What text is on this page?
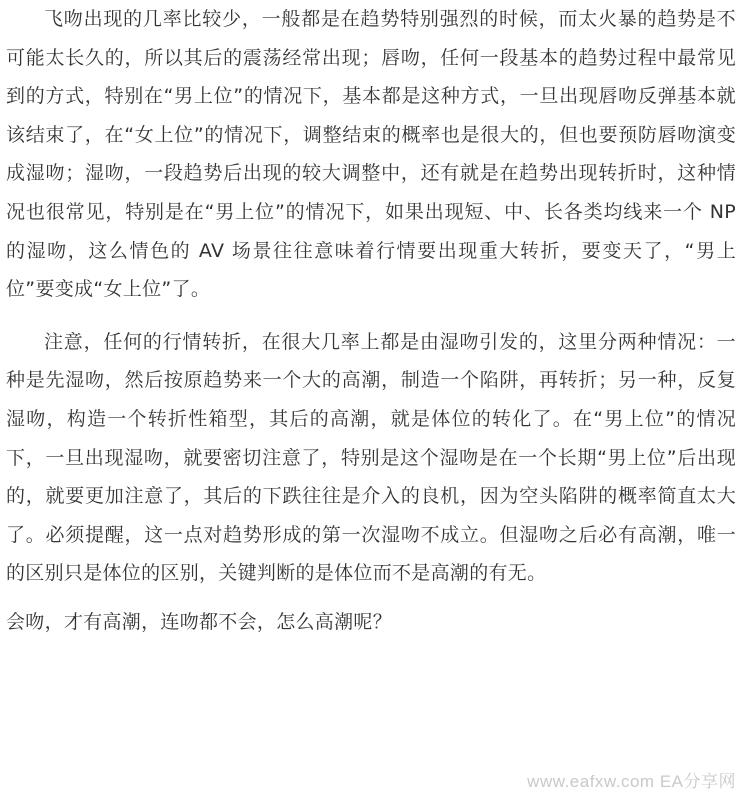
飞吻出现的几率比较少，一般都是在趋势特别强烈的时候，而太火暴的趋势是不可能太长久的，所以其后的震荡经常出现；唇吻，任何一段基本的趋势过程中最常见到的方式，特别在“男上位”的情况下，基本都是这种方式，一旦出现唇吻反弹基本就该结束了，在“女上位”的情况下，调整结束的概率也是很大的，但也要预防唇吻演变成湿吻；湿吻，一段趋势后出现的较大调整中，还有就是在趋势出现转折时，这种情况也很常见，特别是在“男上位”的情况下，如果出现短、中、长各类均线来一个 NP 的湿吻，这么情色的 AV 场景往往意味着行情要出现重大转折，要变天了，“男上位”要变成“女上位”了。

注意，任何的行情转折，在很大几率上都是由湿吻引发的，这里分两种情况：一种是先湿吻，然后按原趋势来一个大的高潮，制造一个陷阱，再转折；另一种，反复湿吻，构造一个转折性箱型，其后的高潮，就是体位的转化了。在“男上位”的情况下，一旦出现湿吻，就要密切注意了，特别是这个湿吻是在一个长期“男上位”后出现的，就要更加注意了，其后的下跌往往是介入的良机，因为空头陷阱的概率简直太大了。必须提醒，这一点对趋势形成的第一次湿吻不成立。但湿吻之后必有高潮，唯一的区别只是体位的区别，关键判断的是体位而不是高潮的有无。

会吻，才有高潮，连吻都不会，怎么高潮呢？

www.eafxw.com EA分享网
